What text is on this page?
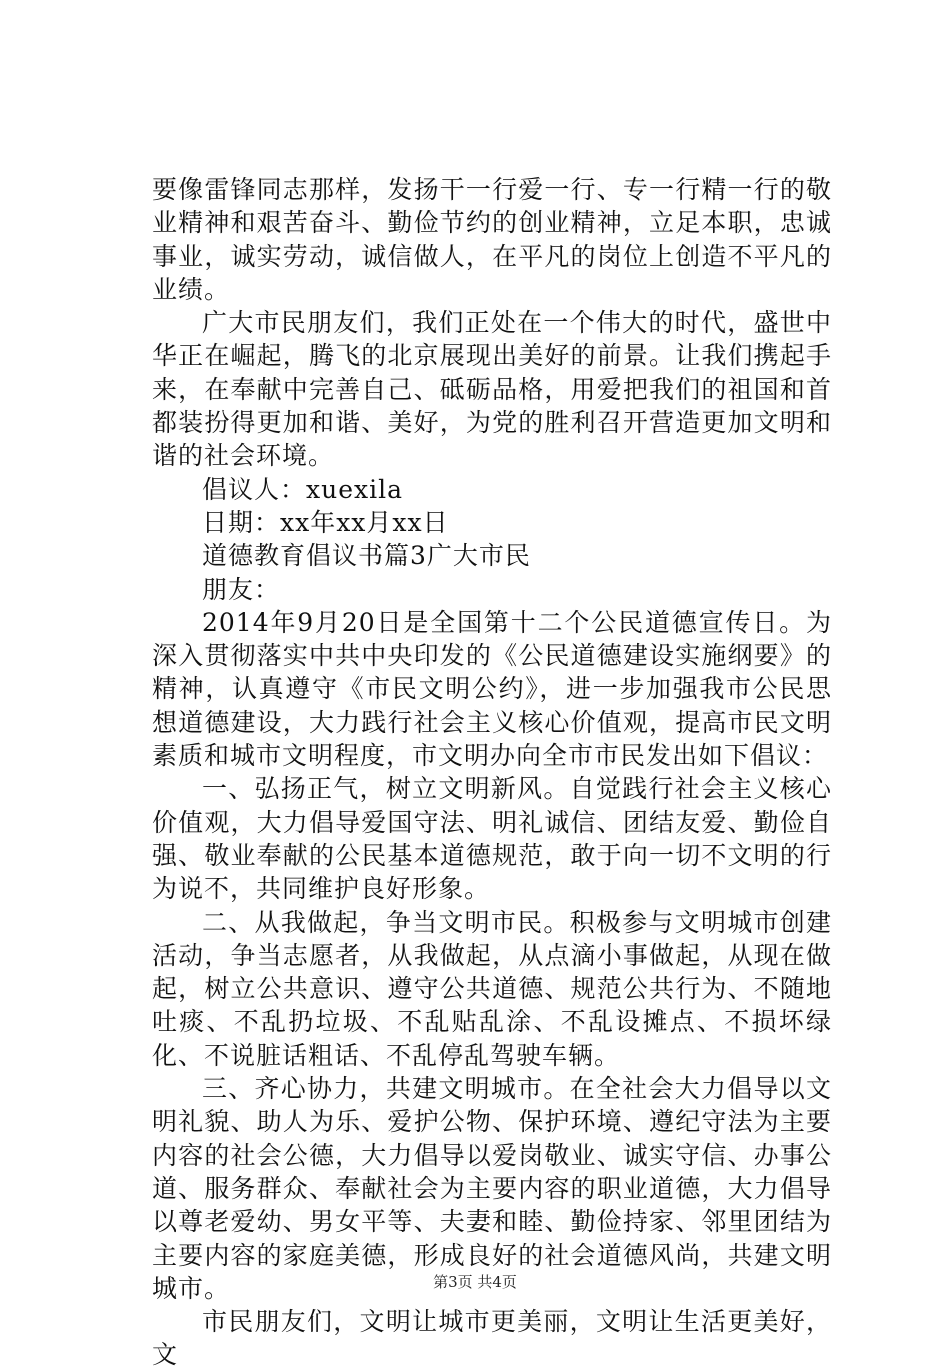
要像雷锋同志那样，发扬干一行爱一行、专一行精一行的敬业精神和艰苦奋斗、勤俭节约的创业精神，立足本职，忠诚事业，诚实劳动，诚信做人，在平凡的岗位上创造不平凡的业绩。

广大市民朋友们，我们正处在一个伟大的时代，盛世中华正在崛起，腾飞的北京展现出美好的前景。让我们携起手来，在奉献中完善自己、砥砺品格，用爱把我们的祖国和首都装扮得更加和谐、美好，为党的胜利召开营造更加文明和谐的社会环境。

倡议人：xuexila

日期：xx年xx月xx日

道德教育倡议书篇3广大市民

朋友：

2014年9月20日是全国第十二个公民道德宣传日。为深入贯彻落实中共中央印发的《公民道德建设实施纲要》的精神，认真遵守《市民文明公约》，进一步加强我市公民思想道德建设，大力践行社会主义核心价值观，提高市民文明素质和城市文明程度，市文明办向全市市民发出如下倡议：

一、弘扬正气，树立文明新风。自觉践行社会主义核心价值观，大力倡导爱国守法、明礼诚信、团结友爱、勤俭自强、敬业奉献的公民基本道德规范，敢于向一切不文明的行为说不，共同维护良好形象。

二、从我做起，争当文明市民。积极参与文明城市创建活动，争当志愿者，从我做起，从点滴小事做起，从现在做起，树立公共意识、遵守公共道德、规范公共行为、不随地吐痰、不乱扔垃圾、不乱贴乱涂、不乱设摊点、不损坏绿化、不说脏话粗话、不乱停乱驾驶车辆。

三、齐心协力，共建文明城市。在全社会大力倡导以文明礼貌、助人为乐、爱护公物、保护环境、遵纪守法为主要内容的社会公德，大力倡导以爱岗敬业、诚实守信、办事公道、服务群众、奉献社会为主要内容的职业道德，大力倡导以尊老爱幼、男女平等、夫妻和睦、勤俭持家、邻里团结为主要内容的家庭美德，形成良好的社会道德风尚，共建文明城市。

市民朋友们，文明让城市更美丽，文明让生活更美好，文

第3页 共4页
